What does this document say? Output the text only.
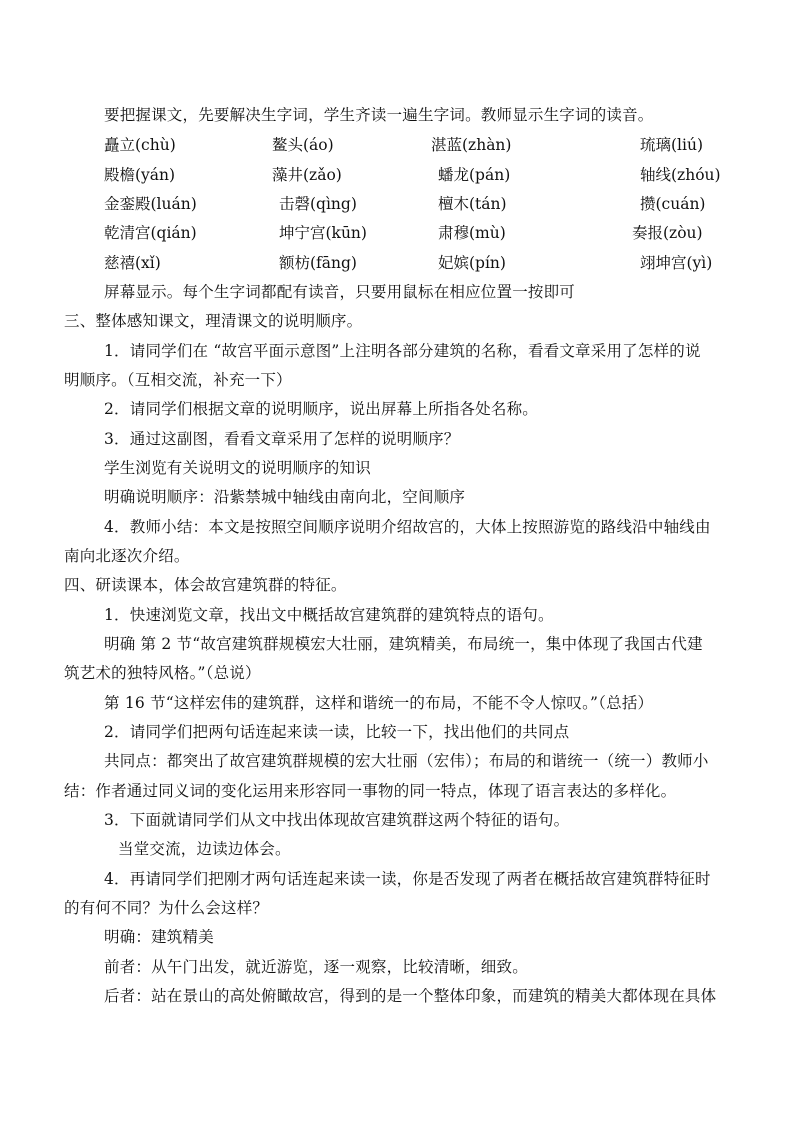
要把握课文，先要解决生字词，学生齐读一遍生字词。教师显示生字词的读音。
矗立(chù)	鳌头(áo)	湛蓝(zhàn)	琉璃(liú)
殿檐(yán)	藻井(zǎo)	蟠龙(pán)	轴线(zhóu)
金銮殿(luán)	击磬(qìng)	檀木(tán)	攒(cuán)
乾清宫(qián)	坤宁宫(kūn)	肃穆(mù)	奏报(zòu)
慈禧(xǐ)	额枋(fāng)	妃嫔(pín)	翊坤宫(yì)
屏幕显示。每个生字词都配有读音，只要用鼠标在相应位置一按即可
三、整体感知课文，理清课文的说明顺序。
1．请同学们在 “故宫平面示意图”上注明各部分建筑的名称，看看文章采用了怎样的说
明顺序。（互相交流，补充一下）
2．请同学们根据文章的说明顺序，说出屏幕上所指各处名称。
3．通过这副图，看看文章采用了怎样的说明顺序？
学生浏览有关说明文的说明顺序的知识
明确说明顺序：沿紫禁城中轴线由南向北，空间顺序
4．教师小结：本文是按照空间顺序说明介绍故宫的，大体上按照游览的路线沿中轴线由
南向北逐次介绍。
四、研读课本，体会故宫建筑群的特征。
1．快速浏览文章，找出文中概括故宫建筑群的建筑特点的语句。
明确 第 2 节“故宫建筑群规模宏大壮丽，建筑精美，布局统一，集中体现了我国古代建
筑艺术的独特风格。”（总说）
第 16 节“这样宏伟的建筑群，这样和谐统一的布局，不能不令人惊叹。”（总括）
2．请同学们把两句话连起来读一读，比较一下，找出他们的共同点
共同点：都突出了故宫建筑群规模的宏大壮丽（宏伟）；布局的和谐统一（统一）教师小
结：作者通过同义词的变化运用来形容同一事物的同一特点，体现了语言表达的多样化。
3．下面就请同学们从文中找出体现故宫建筑群这两个特征的语句。
当堂交流，边读边体会。
4．再请同学们把刚才两句话连起来读一读，你是否发现了两者在概括故宫建筑群特征时
的有何不同？为什么会这样？
明确：建筑精美
前者：从午门出发，就近游览，逐一观察，比较清晰，细致。
后者：站在景山的高处俯瞰故宫，得到的是一个整体印象，而建筑的精美大都体现在具体
